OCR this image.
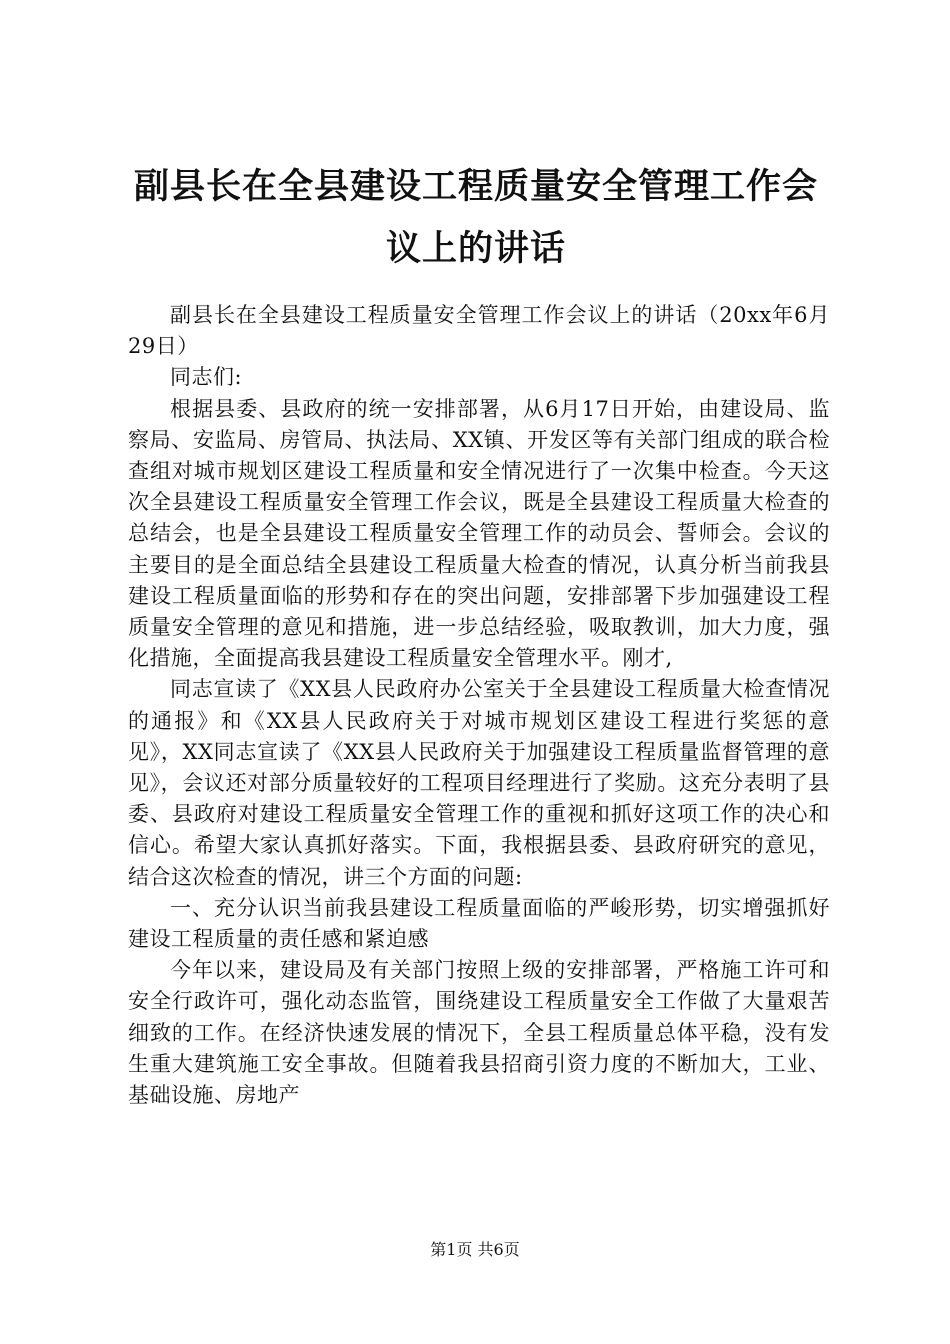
副县长在全县建设工程质量安全管理工作会议上的讲话

副县长在全县建设工程质量安全管理工作会议上的讲话（20xx年6月29日）

同志们:

根据县委、县政府的统一安排部署，从6月17日开始，由建设局、监察局、安监局、房管局、执法局、XX镇、开发区等有关部门组成的联合检查组对城市规划区建设工程质量和安全情况进行了一次集中检查。今天这次全县建设工程质量安全管理工作会议，既是全县建设工程质量大检查的总结会，也是全县建设工程质量安全管理工作的动员会、誓师会。会议的主要目的是全面总结全县建设工程质量大检查的情况，认真分析当前我县建设工程质量面临的形势和存在的突出问题，安排部署下步加强建设工程质量安全管理的意见和措施，进一步总结经验，吸取教训，加大力度，强化措施，全面提高我县建设工程质量安全管理水平。刚才,

同志宣读了《XX县人民政府办公室关于全县建设工程质量大检查情况的通报》和《XX县人民政府关于对城市规划区建设工程进行奖惩的意见》，XX同志宣读了《XX县人民政府关于加强建设工程质量监督管理的意见》，会议还对部分质量较好的工程项目经理进行了奖励。这充分表明了县委、县政府对建设工程质量安全管理工作的重视和抓好这项工作的决心和信心。希望大家认真抓好落实。下面，我根据县委、县政府研究的意见，结合这次检查的情况，讲三个方面的问题:

一、充分认识当前我县建设工程质量面临的严峻形势，切实增强抓好建设工程质量的责任感和紧迫感

今年以来，建设局及有关部门按照上级的安排部署，严格施工许可和安全行政许可，强化动态监管，围绕建设工程质量安全工作做了大量艰苦细致的工作。在经济快速发展的情况下，全县工程质量总体平稳，没有发生重大建筑施工安全事故。但随着我县招商引资力度的不断加大，工业、基础设施、房地产

第1页 共6页
